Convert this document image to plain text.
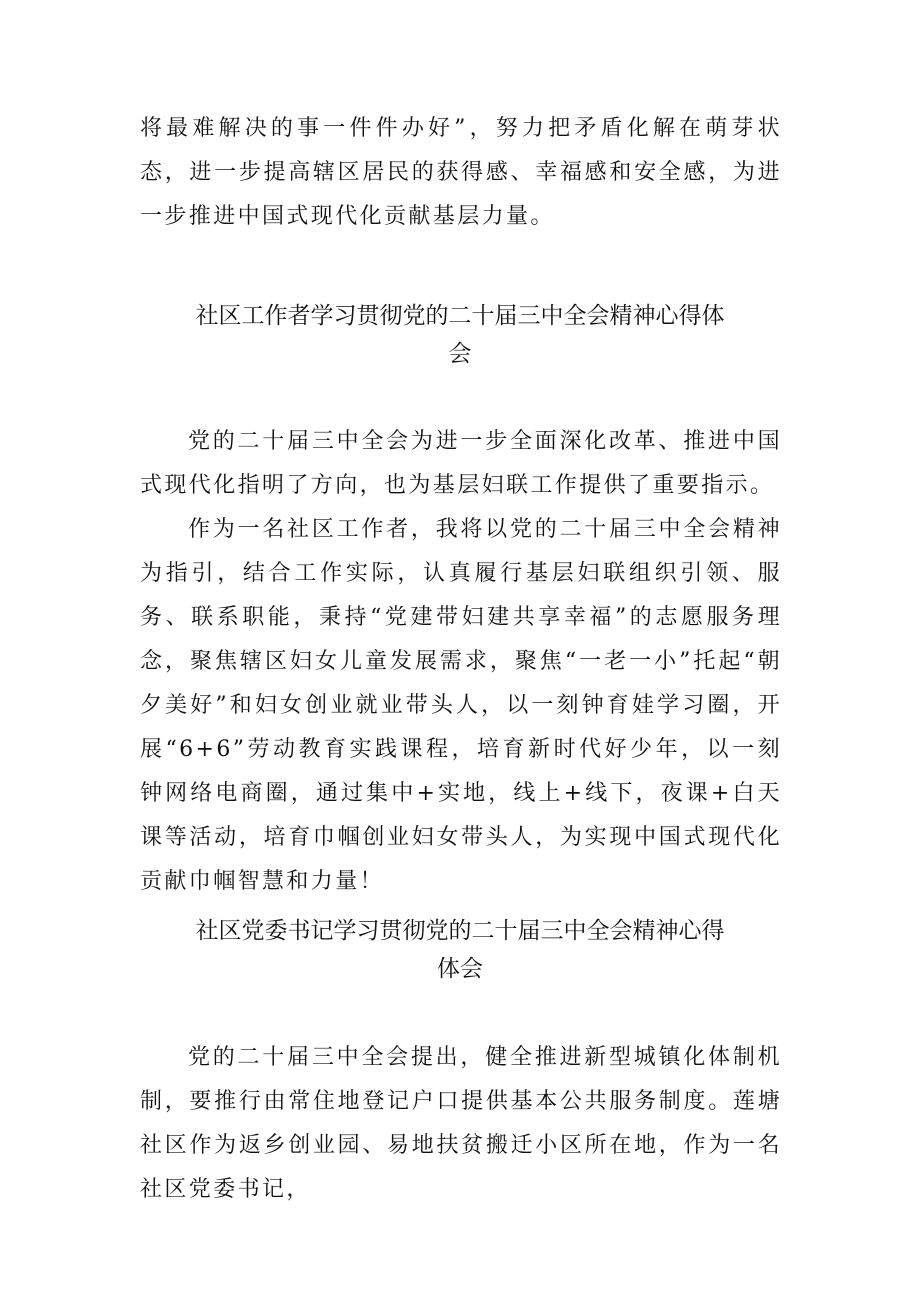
将最难解决的事一件件办好”，努力把矛盾化解在萌芽状态，进一步提高辖区居民的获得感、幸福感和安全感，为进一步推进中国式现代化贡献基层力量。

社区工作者学习贯彻党的二十届三中全会精神心得体
会

党的二十届三中全会为进一步全面深化改革、推进中国式现代化指明了方向，也为基层妇联工作提供了重要指示。

作为一名社区工作者，我将以党的二十届三中全会精神为指引，结合工作实际，认真履行基层妇联组织引领、服务、联系职能，秉持“党建带妇建共享幸福”的志愿服务理念，聚焦辖区妇女儿童发展需求，聚焦“一老一小”托起“朝夕美好”和妇女创业就业带头人，以一刻钟育娃学习圈，开展“6+6”劳动教育实践课程，培育新时代好少年，以一刻钟网络电商圈，通过集中+实地，线上+线下，夜课+白天课等活动，培育巾帼创业妇女带头人，为实现中国式现代化贡献巾帼智慧和力量！

社区党委书记学习贯彻党的二十届三中全会精神心得
体会

党的二十届三中全会提出，健全推进新型城镇化体制机制，要推行由常住地登记户口提供基本公共服务制度。莲塘社区作为返乡创业园、易地扶贫搬迁小区所在地，作为一名社区党委书记，
